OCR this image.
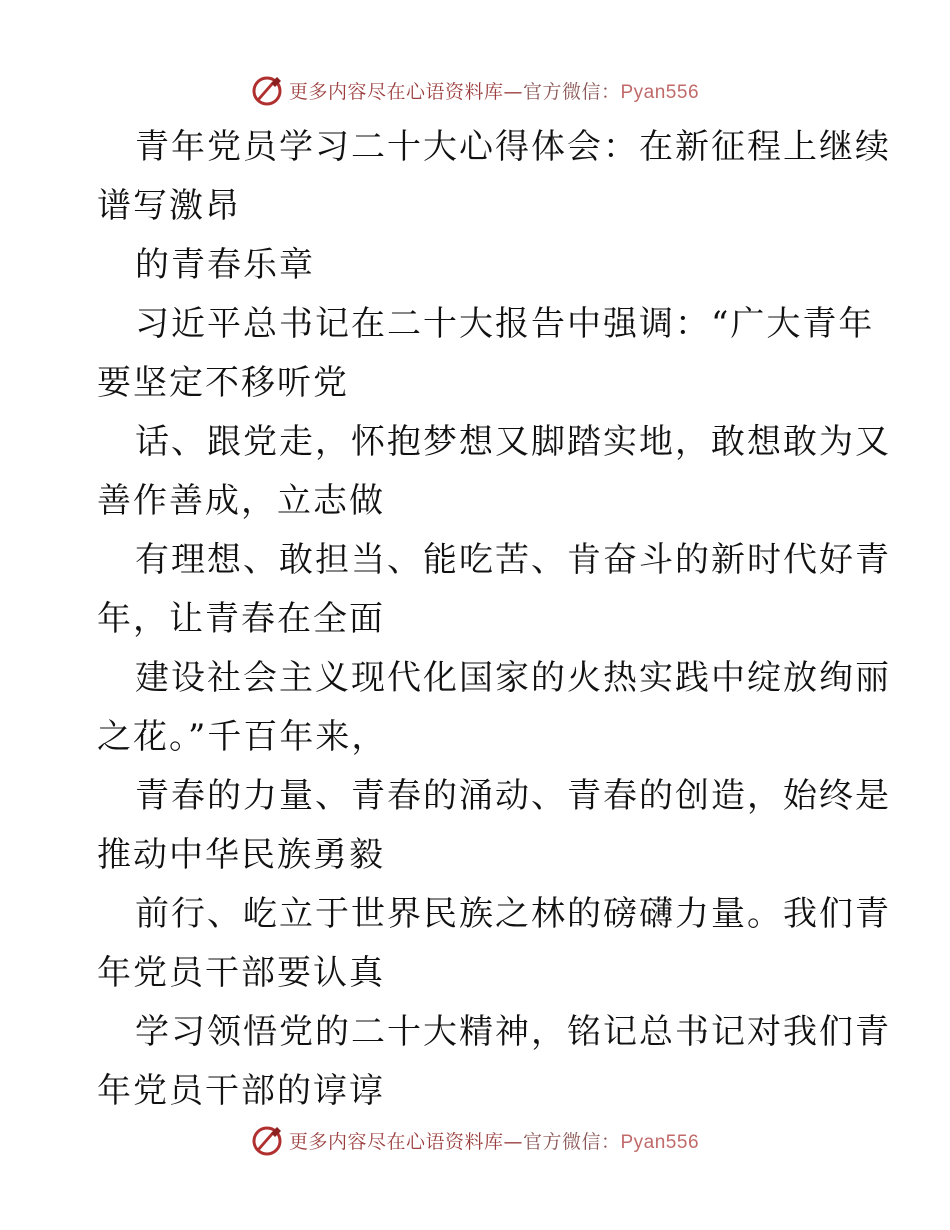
更多内容尽在心语资料库—官方微信：Pyan556
青年党员学习二十大心得体会：在新征程上继续
谱写激昂
的青春乐章
习近平总书记在二十大报告中强调：“广大青年
要坚定不移听党
话、跟党走，怀抱梦想又脚踏实地，敢想敢为又
善作善成，立志做
有理想、敢担当、能吃苦、肯奋斗的新时代好青
年，让青春在全面
建设社会主义现代化国家的火热实践中绽放绚丽
之花。”千百年来，
青春的力量、青春的涌动、青春的创造，始终是
推动中华民族勇毅
前行、屹立于世界民族之林的磅礴力量。我们青
年党员干部要认真
学习领悟党的二十大精神，铭记总书记对我们青
年党员干部的谆谆
更多内容尽在心语资料库—官方微信：Pyan556
